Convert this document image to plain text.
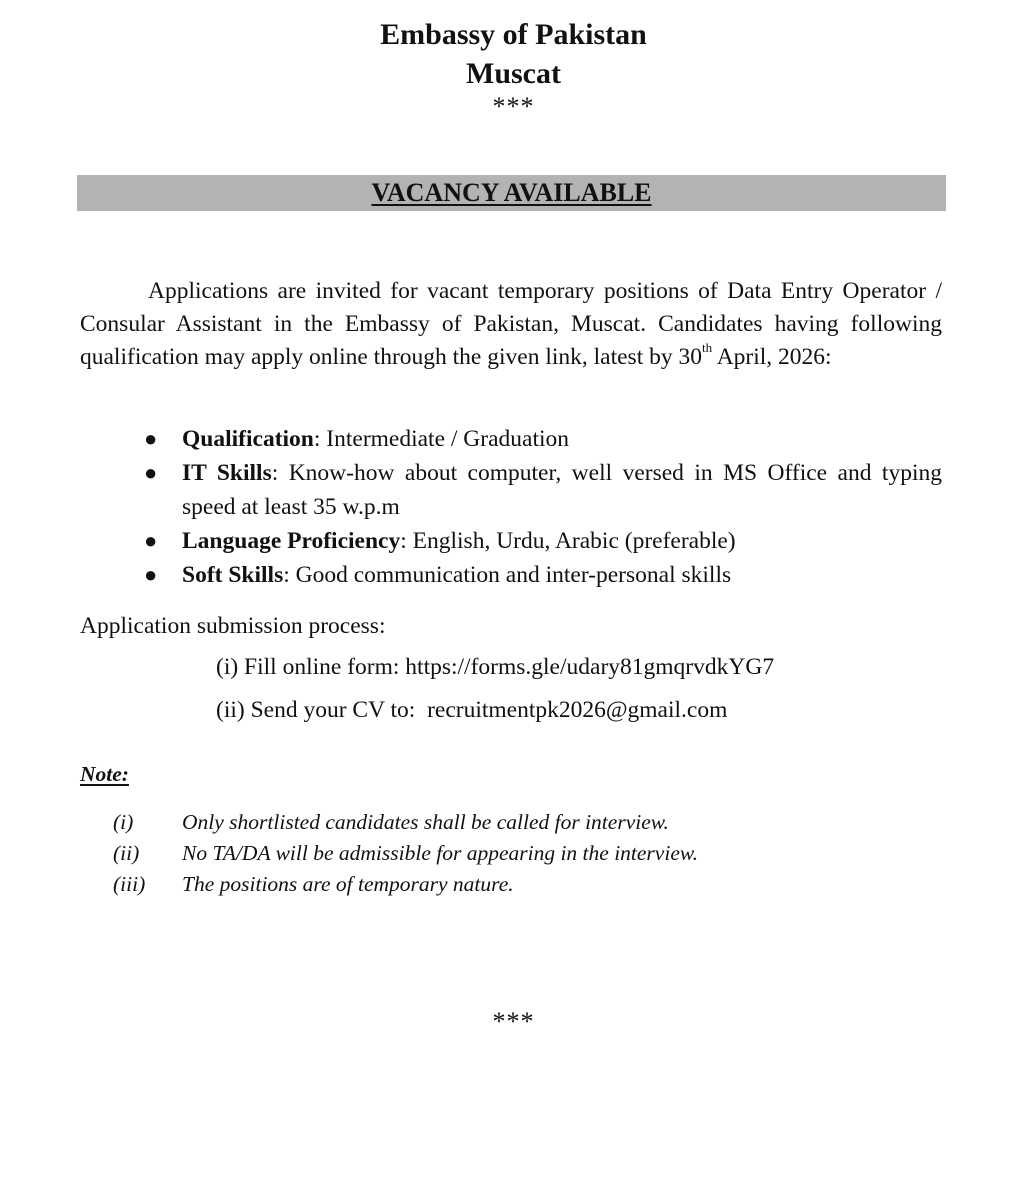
Embassy of Pakistan
Muscat
***
VACANCY AVAILABLE

Applications are invited for vacant temporary positions of Data Entry Operator / Consular Assistant in the Embassy of Pakistan, Muscat. Candidates having following qualification may apply online through the given link, latest by 30th April, 2026:

● Qualification: Intermediate / Graduation
● IT Skills: Know-how about computer, well versed in MS Office and typing speed at least 35 w.p.m
● Language Proficiency: English, Urdu, Arabic (preferable)
● Soft Skills: Good communication and inter-personal skills
Application submission process:
(i) Fill online form: https://forms.gle/udary81gmqrvdkYG7
(ii) Send your CV to:  recruitmentpk2026@gmail.com
Note:
(i) Only shortlisted candidates shall be called for interview.
(ii) No TA/DA will be admissible for appearing in the interview.
(iii) The positions are of temporary nature.
***
